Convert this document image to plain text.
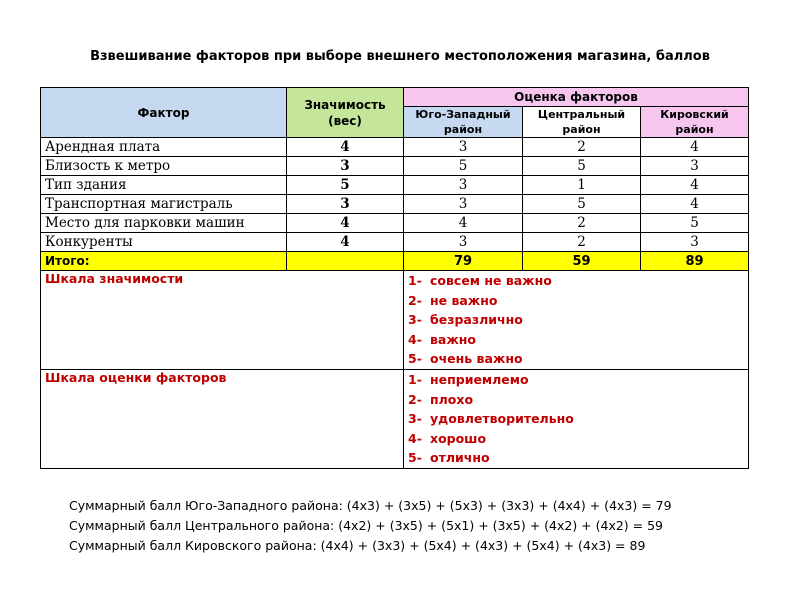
Взвешивание факторов при выборе внешнего местоположения магазина, баллов
Фактор	Значимость (вес)	Оценка факторов		
		Юго-Западный район	Центральный район	Кировский район
Арендная плата	4	3	2	4
Близость к метро	3	5	5	3
Тип здания	5	3	1	4
Транспортная магистраль	3	3	5	4
Место для парковки машин	4	4	2	5
Конкуренты	4	3	2	3
Итого:		79	59	89
Шкала значимости		1- совсем не важно
2- не важно
3- безразлично
4- важно
5- очень важно		

Шкала оценки факторов		1- неприемлемо
2- плохо
3- удовлетворительно
4- хорошо
5- отлично		
Суммарный балл Юго-Западного района: (4х3) + (3х5) + (5х3) + (3х3) + (4х4) + (4х3) = 79
Суммарный балл Центрального района: (4х2) + (3х5) + (5х1) + (3х5) + (4х2) + (4х2) = 59
Суммарный балл Кировского района: (4х4) + (3х3) + (5х4) + (4х3) + (5х4) + (4х3) = 89
